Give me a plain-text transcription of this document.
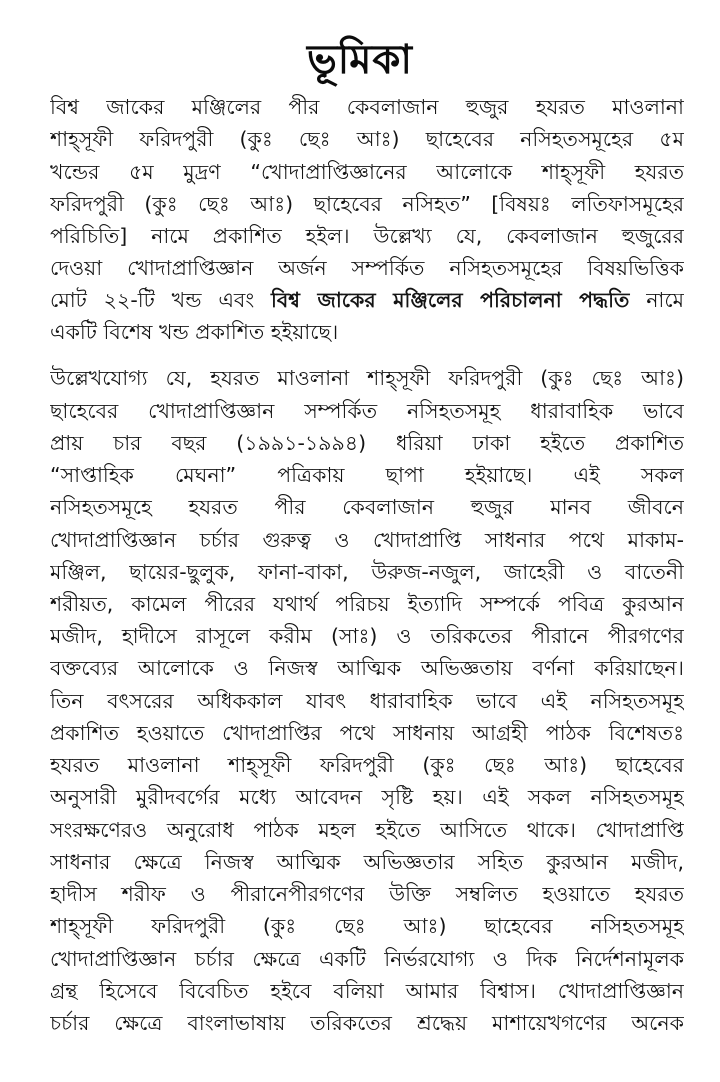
ভূমিকা
বিশ্ব জাকের মঞ্জিলের পীর কেবলাজান হুজুর হযরত মাওলানা
শাহ্সূফী ফরিদপুরী (কুঃ ছেঃ আঃ) ছাহেবের নসিহতসমূহের ৫ম
খন্ডের ৫ম মুদ্রণ “খোদাপ্রাপ্তিজ্ঞানের আলোকে শাহ্সূফী হযরত
ফরিদপুরী (কুঃ ছেঃ আঃ) ছাহেবের নসিহত” [বিষয়ঃ লতিফাসমূহের
পরিচিতি] নামে প্রকাশিত হইল। উল্লেখ্য যে, কেবলাজান হুজুরের
দেওয়া খোদাপ্রাপ্তিজ্ঞান অর্জন সম্পর্কিত নসিহতসমূহের বিষয়ভিত্তিক
মোট ২২-টি খন্ড এবং বিশ্ব জাকের মঞ্জিলের পরিচালনা পদ্ধতি নামে
একটি বিশেষ খন্ড প্রকাশিত হইয়াছে।
উল্লেখযোগ্য যে, হযরত মাওলানা শাহ্সূফী ফরিদপুরী (কুঃ ছেঃ আঃ)
ছাহেবের খোদাপ্রাপ্তিজ্ঞান সম্পর্কিত নসিহতসমূহ ধারাবাহিক ভাবে
প্রায় চার বছর (১৯৯১-১৯৯৪) ধরিয়া ঢাকা হইতে প্রকাশিত
“সাপ্তাহিক মেঘনা” পত্রিকায় ছাপা হইয়াছে। এই সকল
নসিহতসমূহে হযরত পীর কেবলাজান হুজুর মানব জীবনে
খোদাপ্রাপ্তিজ্ঞান চর্চার গুরুত্ব ও খোদাপ্রাপ্তি সাধনার পথে মাকাম-
মঞ্জিল, ছায়ের-ছুলুক, ফানা-বাকা, উরুজ-নজুল, জাহেরী ও বাতেনী
শরীয়ত, কামেল পীরের যথার্থ পরিচয় ইত্যাদি সম্পর্কে পবিত্র কুরআন
মজীদ, হাদীসে রাসূলে করীম (সাঃ) ও তরিকতের পীরানে পীরগণের
বক্তব্যের আলোকে ও নিজস্ব আত্মিক অভিজ্ঞতায় বর্ণনা করিয়াছেন।
তিন বৎসরের অধিককাল যাবৎ ধারাবাহিক ভাবে এই নসিহতসমূহ
প্রকাশিত হওয়াতে খোদাপ্রাপ্তির পথে সাধনায় আগ্রহী পাঠক বিশেষতঃ
হযরত মাওলানা শাহ্সূফী ফরিদপুরী (কুঃ ছেঃ আঃ) ছাহেবের
অনুসারী মুরীদবর্গের মধ্যে আবেদন সৃষ্টি হয়। এই সকল নসিহতসমূহ
সংরক্ষণেরও অনুরোধ পাঠক মহল হইতে আসিতে থাকে। খোদাপ্রাপ্তি
সাধনার ক্ষেত্রে নিজস্ব আত্মিক অভিজ্ঞতার সহিত কুরআন মজীদ,
হাদীস শরীফ ও পীরানেপীরগণের উক্তি সম্বলিত হওয়াতে হযরত
শাহ্সূফী ফরিদপুরী (কুঃ ছেঃ আঃ) ছাহেবের নসিহতসমূহ
খোদাপ্রাপ্তিজ্ঞান চর্চার ক্ষেত্রে একটি নির্ভরযোগ্য ও দিক নির্দেশনামূলক
গ্রন্থ হিসেবে বিবেচিত হইবে বলিয়া আমার বিশ্বাস। খোদাপ্রাপ্তিজ্ঞান
চর্চার ক্ষেত্রে বাংলাভাষায় তরিকতের শ্রদ্ধেয় মাশায়েখগণের অনেক
